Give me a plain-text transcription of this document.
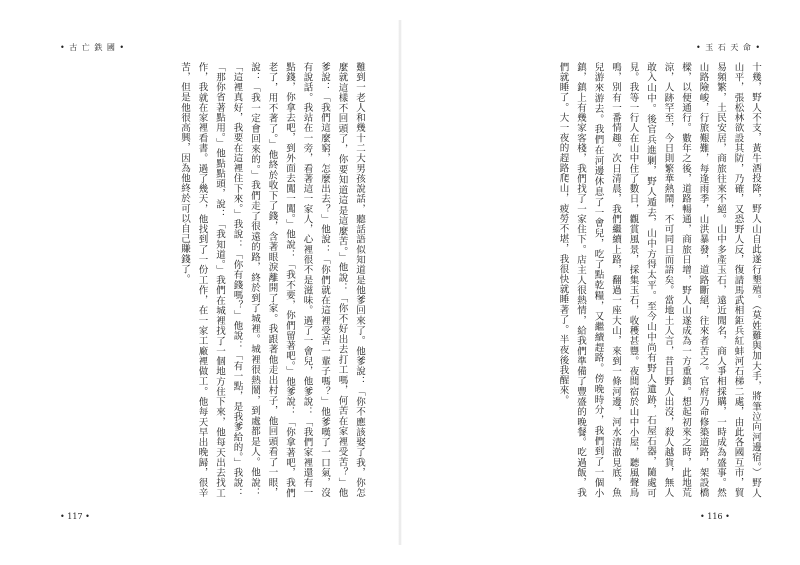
• 古 亡 鉄 國 •

難到一老人和幾十二大男孩說話，聽話語似知道是他爹回來了。他爹說：「你不應該娶了我，你怎麼就這樣不回頭了，你要知道這是這麼苦。」他說：「你不好出去打工嗎，何苦在家裡受苦？」他爹說：「我們這麼窮，怎麼出去？」他說：「你們就在這裡受苦一輩子嗎？」他爹嘆了一口氣，沒有說話。我站在一旁，看著這一家人，心裡很不是滋味。過了一會兒，他爹說：「我們家裡還有一點錢，你拿去吧，到外面去闖一闖。」他說：「我不要，你們留著吧。」他爹說：「你拿著吧，我們老了，用不著了。」他終於收下了錢，含著眼淚離開了家。我跟著他走出村子，他回頭看了一眼，說：「我一定會回來的。」我們走了很遠的路，終於到了城裡。城裡很熱鬧，到處都是人。他說：「這裡真好，我要在這裡住下來。」我說：「你有錢嗎？」他說：「有一點，是我爹給的。」我說：「那你省著點用。」他點點頭，說：「我知道。」我們在城裡找了一個地方住下來，他每天出去找工作，我就在家裡看書。過了幾天，他找到了一份工作，在一家工廠裡做工。他每天早出晚歸，很辛苦，但是他很高興，因為他終於可以自己賺錢了。

• 117 •
• 玉 石 天 命 •

十幾，野人不支，黃牛酒投降，野人山自此遂行墾殖。（莫姓難與加大手，將筆泣向河邊宿。）野人山平，張松林欲設其防，乃確，又恐野人反，復請馬武相鉅兵紅蚌河石梯二處，由此各國互市，貿易頻繁，土民安居，商旅往來不絕。山中多產玉石，遠近聞名，商人爭相採購，一時成為盛事。然山路險峻，行旅艱難，每逢雨季，山洪暴發，道路斷絕，往來者苦之。官府乃命修築道路，架設橋樑，以便通行。數年之後，道路暢通，商旅日增，野人山遂成為一方重鎮。想起初來之時，此地荒涼，人跡罕至，今日則繁華熱鬧，不可同日而語矣。當地土人言，昔日野人出沒，殺人越貨，無人敢入山中。後官兵進剿，野人遁去，山中方得太平。至今山中尚有野人遺跡，石屋石器，隨處可見。我等一行人在山中住了數日，觀賞風景，採集玉石，收穫甚豐。夜間宿於山中小屋，聽風聲鳥鳴，別有一番情趣。次日清晨，我們繼續上路，翻過一座大山，來到一條河邊，河水清澈見底，魚兒游來游去。我們在河邊休息了一會兒，吃了點乾糧，又繼續趕路。傍晚時分，我們到了一個小鎮，鎮上有幾家客棧，我們找了一家住下。店主人很熱情，給我們準備了豐盛的晚餐。吃過飯，我們就睡了。大一夜的趕路爬山，疲勞不堪，我很快就睡著了。半夜後我醒來。

• 116 •
